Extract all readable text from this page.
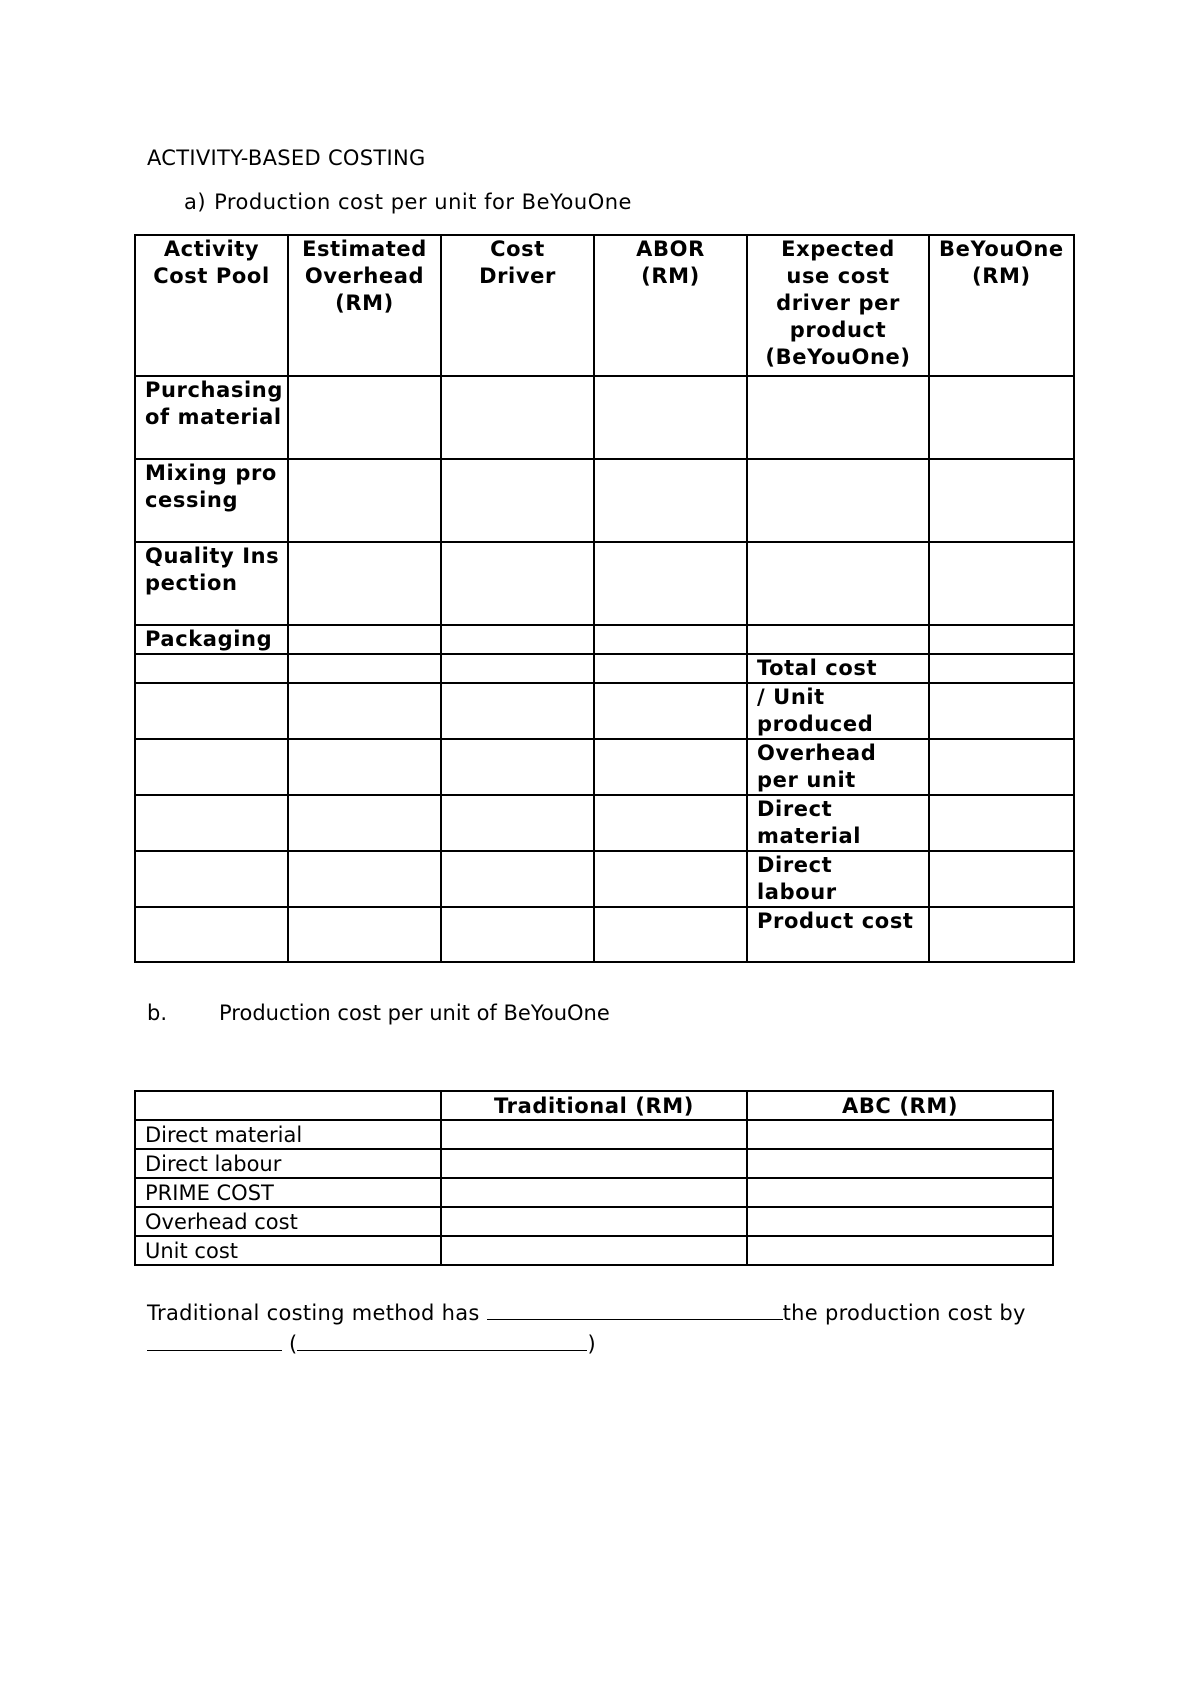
ACTIVITY-BASED COSTING
a) Production cost per unit for BeYouOne
Activity Cost Pool	Estimated Overhead (RM)	Cost Driver	ABOR (RM)	Expected use cost driver per product (BeYouOne)	BeYouOne (RM)
Purchasing of material					
Mixing processing					
Quality Inspection					
Packaging					
				Total cost	
				/ Unit produced	
				Overhead per unit	
				Direct material	
				Direct labour	
				Product cost	
b. Production cost per unit of BeYouOne
	Traditional (RM)	ABC (RM)
Direct material		
Direct labour		
PRIME COST		
Overhead cost		
Unit cost		
Traditional costing method has	the production cost by
(	)
